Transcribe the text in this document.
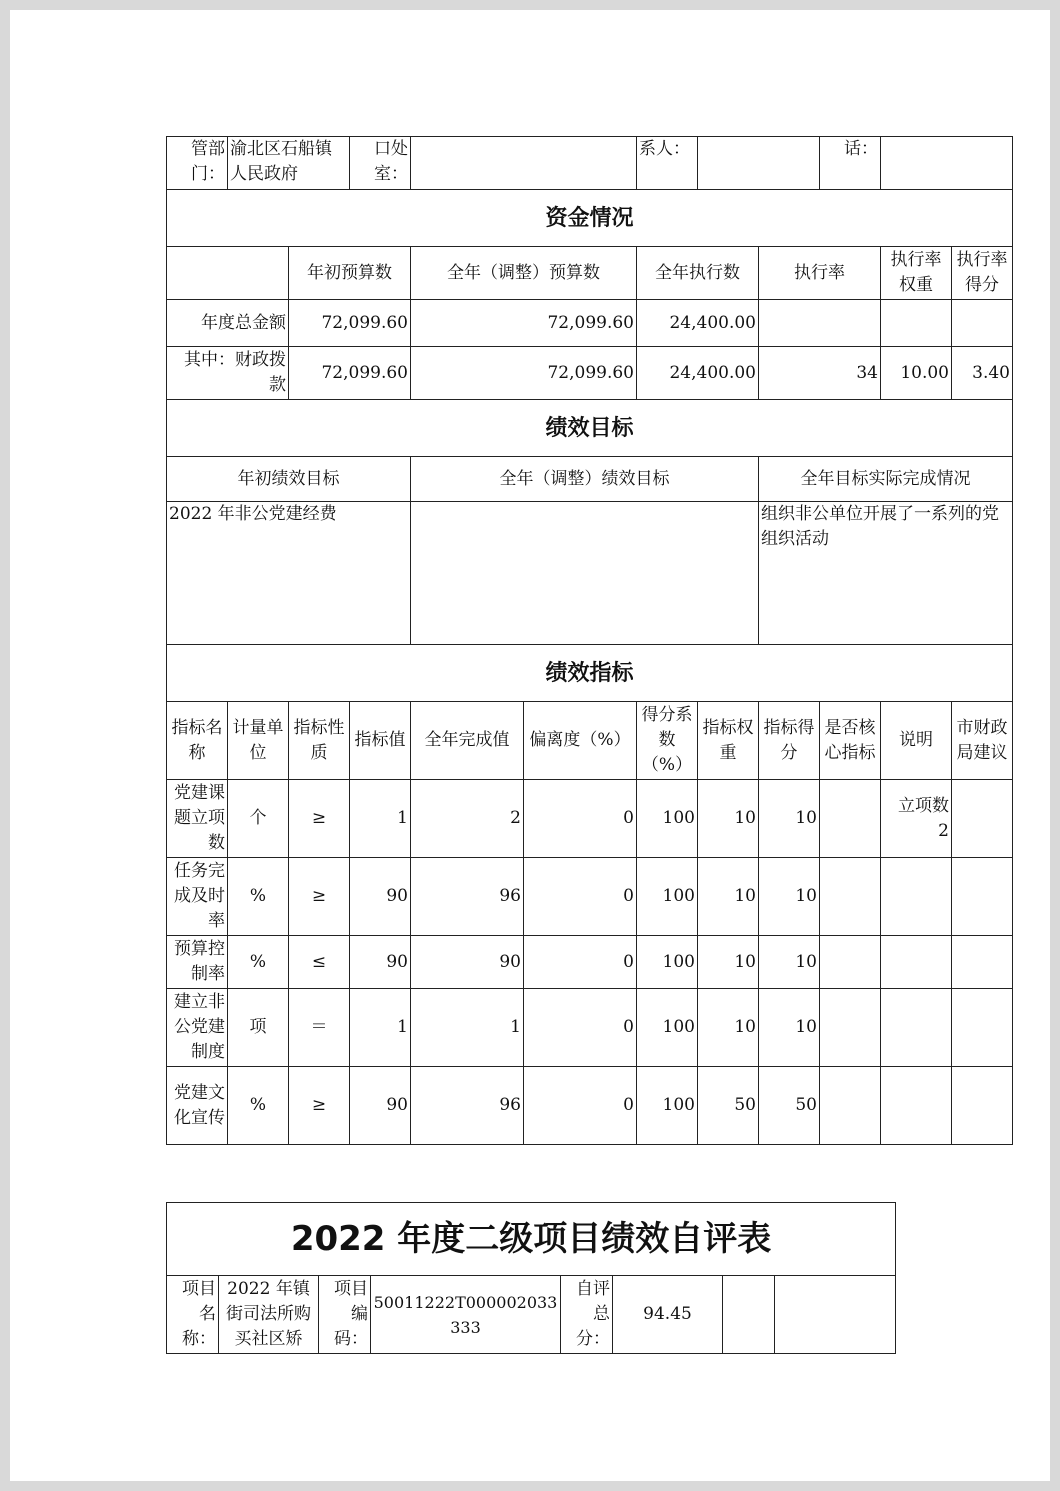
管部门：	渝北区石船镇人民政府		口处室：			系人：			话：		
资金情况											
		年初预算数		全年（调整）预算数		全年执行数		执行率		执行率权重	执行率得分
年度总金额		72,099.60		72,099.60		24,400.00					
其中：财政拨款		72,099.60		72,099.60		24,400.00		34		10.00	3.40
绩效目标											
年初绩效目标				全年（调整）绩效目标				全年目标实际完成情况			
2022 年非公党建经费								组织非公单位开展了一系列的党组织活动			
绩效指标											
指标名称	计量单位	指标性质	指标值	全年完成值	偏离度（%）	得分系数（%）	指标权重	指标得分	是否核心指标	说明	市财政局建议
党建课题立项数	个	≥	1	2	0	100	10	10		立项数 2	
任务完成及时率	%	≥	90	96	0	100	10	10			
预算控制率	%	≤	90	90	0	100	10	10			
建立非公党建制度	项	＝	1	1	0	100	10	10			
党建文化宣传	%	≥	90	96	0	100	50	50			
2022 年度二级项目绩效自评表
项目名称：	2022 年镇街司法所购买社区矫	项目编码：	50011222T000002033333	自评总分：	94.45		
